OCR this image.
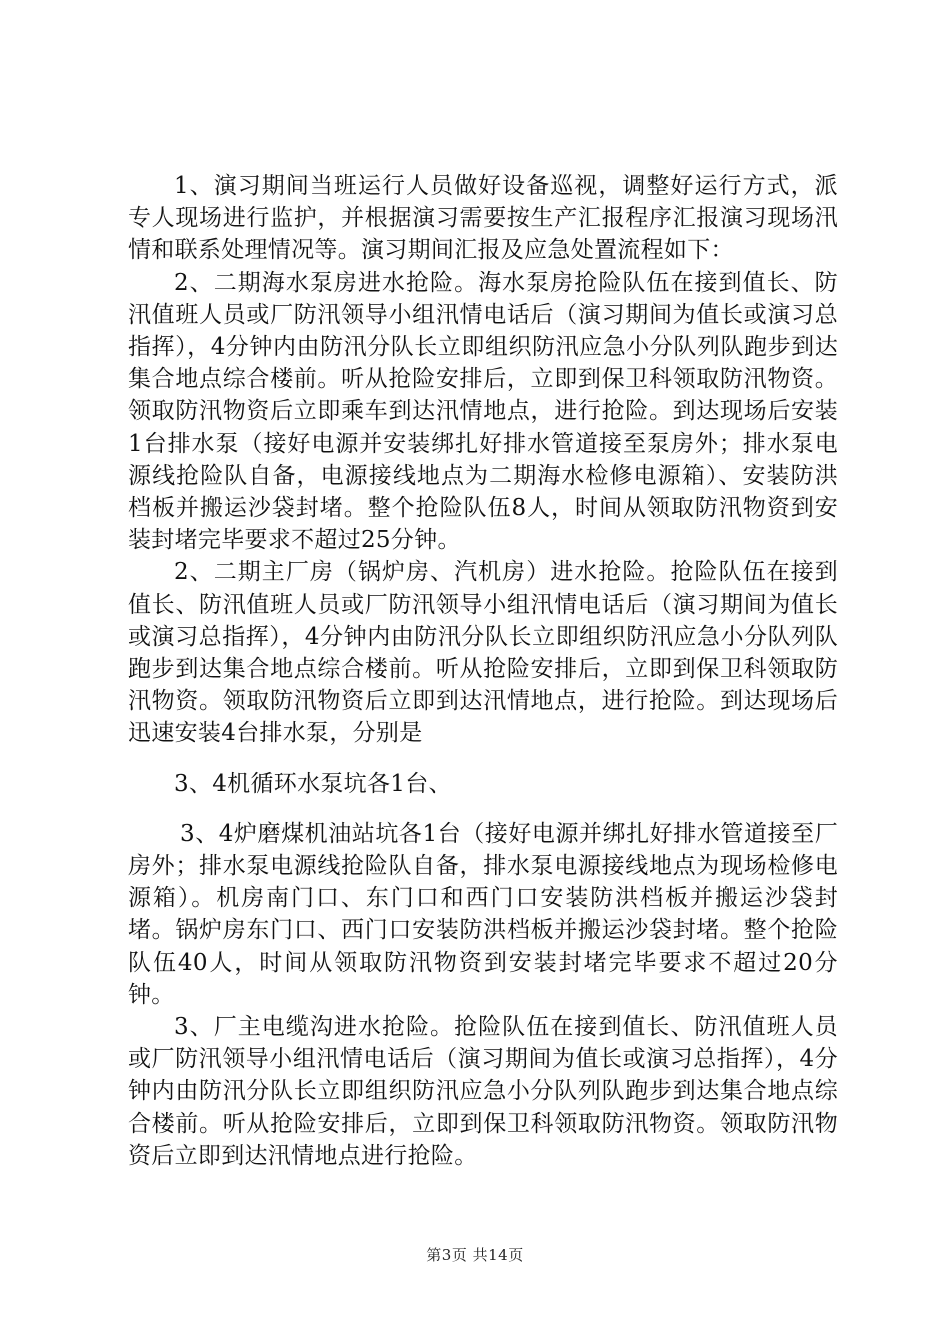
1、演习期间当班运行人员做好设备巡视，调整好运行方式，派专人现场进行监护，并根据演习需要按生产汇报程序汇报演习现场汛情和联系处理情况等。演习期间汇报及应急处置流程如下：

2、二期海水泵房进水抢险。海水泵房抢险队伍在接到值长、防汛值班人员或厂防汛领导小组汛情电话后（演习期间为值长或演习总指挥），4分钟内由防汛分队长立即组织防汛应急小分队列队跑步到达集合地点综合楼前。听从抢险安排后，立即到保卫科领取防汛物资。领取防汛物资后立即乘车到达汛情地点，进行抢险。到达现场后安装1台排水泵（接好电源并安装绑扎好排水管道接至泵房外；排水泵电源线抢险队自备，电源接线地点为二期海水检修电源箱）、安装防洪档板并搬运沙袋封堵。整个抢险队伍8人，时间从领取防汛物资到安装封堵完毕要求不超过25分钟。

2、二期主厂房（锅炉房、汽机房）进水抢险。抢险队伍在接到值长、防汛值班人员或厂防汛领导小组汛情电话后（演习期间为值长或演习总指挥），4分钟内由防汛分队长立即组织防汛应急小分队列队跑步到达集合地点综合楼前。听从抢险安排后，立即到保卫科领取防汛物资。领取防汛物资后立即到达汛情地点，进行抢险。到达现场后迅速安装4台排水泵，分别是

3、4机循环水泵坑各1台、

3、4炉磨煤机油站坑各1台（接好电源并绑扎好排水管道接至厂房外；排水泵电源线抢险队自备，排水泵电源接线地点为现场检修电源箱）。机房南门口、东门口和西门口安装防洪档板并搬运沙袋封堵。锅炉房东门口、西门口安装防洪档板并搬运沙袋封堵。整个抢险队伍40人，时间从领取防汛物资到安装封堵完毕要求不超过20分钟。

3、厂主电缆沟进水抢险。抢险队伍在接到值长、防汛值班人员或厂防汛领导小组汛情电话后（演习期间为值长或演习总指挥），4分钟内由防汛分队长立即组织防汛应急小分队列队跑步到达集合地点综合楼前。听从抢险安排后，立即到保卫科领取防汛物资。领取防汛物资后立即到达汛情地点进行抢险。

第3页 共14页
